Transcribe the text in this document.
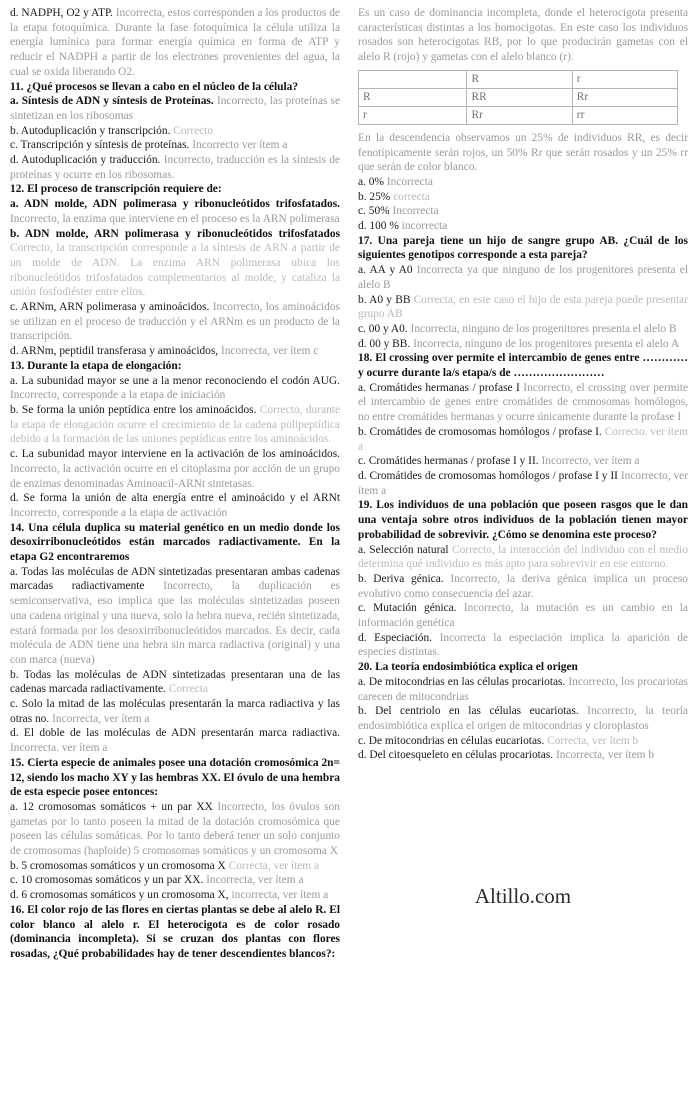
d. NADPH, O2 y ATP. Incorrecta, estos corresponden a los productos de la etapa fotoquímica. Durante la fase fotoquímica la célula utiliza la energía lumínica para formar energía química en forma de ATP y reducir el NADPH a partir de los electrones provenientes del agua, la cual se oxida liberando O2.

11. ¿Qué procesos se llevan a cabo en el núcleo de la célula?

a. Síntesis de ADN y síntesis de Proteínas. Incorrecto, las proteínas se sintetizan en los ribosomas

b. Autoduplicación y transcripción. Correcto

c. Transcripción y síntesis de proteínas. Incorrecto ver ítem a

d. Autoduplicación y traducción. Incorrecto, traducción es la síntesis de proteínas y ocurre en los ribosomas.

12. El proceso de transcripción requiere de:

a. ADN molde, ADN polimerasa y ribonucleótidos trifosfatados. Incorrecto, la enzima que interviene en el proceso es la ARN polimerasa

b. ADN molde, ARN polimerasa y ribonucleótidos trifosfatados Correcto, la transcripción corresponde a la síntesis de ARN a partir de un molde de ADN. La enzima ARN polimerasa ubica los ribonucleótidos trifosfatados complementarios al molde, y cataliza la unión fosfodiéster entre ellos.

c. ARNm, ARN polimerasa y aminoácidos. Incorrecto, los aminoácidos se utilizan en el proceso de traducción y el ARNm es un producto de la transcripción.

d. ARNm, peptidil transferasa y aminoácidos, Incorrecta, ver ítem c

13. Durante la etapa de elongación:

a. La subunidad mayor se une a la menor reconociendo el codón AUG. Incorrecto, corresponde a la etapa de iniciación

b. Se forma la unión peptídica entre los aminoácidos. Correcto, durante la etapa de elongación ocurre el crecimiento de la cadena polipeptídica debido a la formación de las uniones peptídicas entre los aminoácidos.

c. La subunidad mayor interviene en la activación de los aminoácidos. Incorrecto, la activación ocurre en el citoplasma por acción de un grupo de enzimas denominadas Aminoacil-ARNt sintetasas.

d. Se forma la unión de alta energía entre el aminoácido y el ARNt Incorrecto, corresponde a la etapa de activación

14. Una célula duplica su material genético en un medio donde los desoxirribonucleótidos están marcados radiactivamente. En la etapa G2 encontraremos

a. Todas las moléculas de ADN sintetizadas presentaran ambas cadenas marcadas radiactivamente Incorrecto, la duplicación es semiconservativa, eso implica que las moléculas sintetizadas poseen una cadena original y una nueva, solo la hebra nueva, recién sintetizada, estará formada por los desoxirribonucleótidos marcados. Es decir, cada molécula de ADN tiene una hebra sin marca radiactiva (original) y una con marca (nueva)

b. Todas las moléculas de ADN sintetizadas presentaran una de las cadenas marcada radiactivamente. Correcta

c. Solo la mitad de las moléculas presentarán la marca radiactiva y las otras no. Incorrecta, ver ítem a

d. El doble de las moléculas de ADN presentarán marca radiactiva. Incorrecta. ver ítem a

15. Cierta especie de animales posee una dotación cromosómica 2n= 12, siendo los macho XY y las hembras XX. El óvulo de una hembra de esta especie posee entonces:

a. 12 cromosomas somáticos + un par XX Incorrecto, los óvulos son gametas por lo tanto poseen la mitad de la dotación cromosómica que poseen las células somáticas. Por lo tanto deberá tener un solo conjunto de cromosomas (haploide) 5 cromosomas somáticos y un cromosoma X

b. 5 cromosomas somáticos y un cromosoma X Correcta, ver ítem a

c. 10 cromosomas somáticos y un par XX. Incorrecta, ver ítem a

d. 6 cromosomas somáticos y un cromosoma X, incorrecta, ver ítem a

16. El color rojo de las flores en ciertas plantas se debe al alelo R. El color blanco al alelo r. El heterocigota es de color rosado (dominancia incompleta). Si se cruzan dos plantas con flores rosadas, ¿Qué probabilidades hay de tener descendientes blancos?:

Es un caso de dominancia incompleta, donde el heterocigota presenta características distintas a los homocigotas. En este caso los individuos rosados son heterocigotas RB, por lo que producirán gametas con el alelo R (rojo) y gametas con el alelo blanco (r).

	R	r
R	RR	Rr
r	Rr	rr

En la descendencia observamos un 25% de individuos RR, es decir fenotípicamente serán rojos, un 50% Rr que serán rosados y un 25% rr que serán de color blanco.

a. 0% Incorrecta

b. 25% correcta

c. 50% Incorrecta

d. 100 % incorrecta

17. Una pareja tiene un hijo de sangre grupo AB. ¿Cuál de los siguientes genotipos corresponde a esta pareja?

a. AA y A0 Incorrecta ya que ninguno de los progenitores presenta el alelo B

b. A0 y BB Correcta, en este caso el hijo de esta pareja puede presentar grupo AB

c. 00 y A0. Incorrecta, ninguno de los progenitores presenta el alelo B

d. 00 y BB. Incorrecta, ninguno de los progenitores presenta el alelo A

18. El crossing over permite el intercambio de genes entre ………… y ocurre durante la/s etapa/s de ……………………

a. Cromátides hermanas / profase I Incorrecto, el crossing over permite el intercambio de genes entre cromátides de cromosomas homólogos, no entre cromátides hermanas y ocurre únicamente durante la profase I

b. Cromátides de cromosomas homólogos / profase I. Correcto. ver ítem a

c. Cromátides hermanas / profase I y II. Incorrecto, ver ítem a

d. Cromátides de cromosomas homólogos / profase I y II Incorrecto, ver ítem a

19. Los individuos de una población que poseen rasgos que le dan una ventaja sobre otros individuos de la población tienen mayor probabilidad de sobrevivir. ¿Cómo se denomina este proceso?

a. Selección natural Correcto, la interacción del individuo con el medio determina qué individuo es más apto para sobrevivir en ese entorno.

b. Deriva génica. Incorrecto, la deriva génica implica un proceso evolutivo como consecuencia del azar.

c. Mutación génica. Incorrecto, la mutación es un cambio en la información genética

d. Especiación. Incorrecta la especiación implica la aparición de especies distintas.

20. La teoría endosimbiótica explica el origen

a. De mitocondrias en las células procariotas. Incorrecto, los procariotas carecen de mitocondrias

b. Del centriolo en las células eucariotas. Incorrecto, la teoría endosimbiótica explica el origen de mitocondrias y cloroplastos

c. De mitocondrias en células eucariotas. Correcta, ver ítem b

d. Del citoesqueleto en células procariotas. Incorrecta, ver ítem b

Altillo.com
